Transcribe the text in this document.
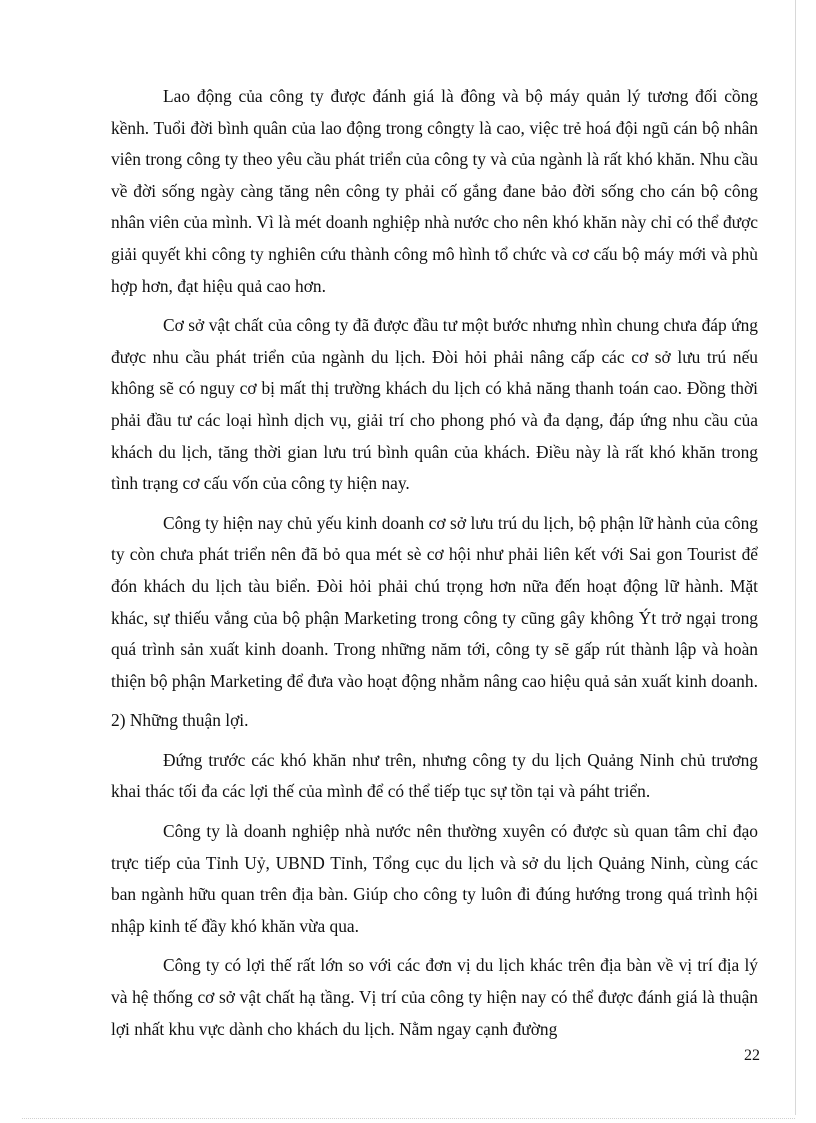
Lao động của công ty được đánh giá là đông và bộ máy quản lý tương đối cồng kềnh. Tuổi đời bình quân của lao động trong côngty là cao, việc trẻ hoá đội ngũ cán bộ nhân viên trong công ty theo yêu cầu phát triển của công ty và của ngành là rất khó khăn. Nhu cầu về đời sống ngày càng tăng nên công ty phải cố gắng đane bảo đời sống cho cán bộ công nhân viên của mình. Vì là mét doanh nghiệp nhà nước cho nên khó khăn này chỉ có thể được giải quyết khi công ty nghiên cứu thành công mô hình tổ chức và cơ cấu bộ máy mới và phù hợp hơn, đạt hiệu quả cao hơn.

Cơ sở vật chất của công ty đã được đầu tư một bước nhưng nhìn chung chưa đáp ứng được nhu cầu phát triển của ngành du lịch. Đòi hỏi phải nâng cấp các cơ sở lưu trú nếu không sẽ có nguy cơ bị mất thị trường khách du lịch có khả năng thanh toán cao. Đồng thời phải đầu tư các loại hình dịch vụ, giải trí cho phong phó và đa dạng, đáp ứng nhu cầu của khách du lịch, tăng thời gian lưu trú bình quân của khách. Điều này là rất khó khăn trong tình trạng cơ cấu vốn của công ty hiện nay.

Công ty hiện nay chủ yếu kinh doanh cơ sở lưu trú du lịch, bộ phận lữ hành của công ty còn chưa phát triển nên đã bỏ qua mét sè cơ hội như phải liên kết với Sai gon Tourist để đón khách du lịch tàu biển. Đòi hỏi phải chú trọng hơn nữa đến hoạt động lữ hành. Mặt khác, sự thiếu vắng của bộ phận Marketing trong công ty cũng gây không Ýt trở ngại trong quá trình sản xuất kinh doanh. Trong những năm tới, công ty sẽ gấp rút thành lập và hoàn thiện bộ phận Marketing để đưa vào hoạt động nhằm nâng cao hiệu quả sản xuất kinh doanh.

2) Những thuận lợi.

Đứng trước các khó khăn như trên, nhưng công ty du lịch Quảng Ninh chủ trương khai thác tối đa các lợi thế của mình để có thể tiếp tục sự tồn tại và páht triển.

Công ty là doanh nghiệp nhà nước nên thường xuyên có được sù quan tâm chỉ đạo trực tiếp của Tỉnh Uỷ, UBND Tỉnh, Tổng cục du lịch và sở du lịch Quảng Ninh, cùng các ban ngành hữu quan trên địa bàn. Giúp cho công ty luôn đi đúng hướng trong quá trình hội nhập kinh tế đầy khó khăn vừa qua.

Công ty có lợi thế rất lớn so với các đơn vị du lịch khác trên địa bàn về vị trí địa lý và hệ thống cơ sở vật chất hạ tầng. Vị trí của công ty hiện nay có thể được đánh giá là thuận lợi nhất khu vực dành cho khách du lịch. Nằm ngay cạnh đường

22
